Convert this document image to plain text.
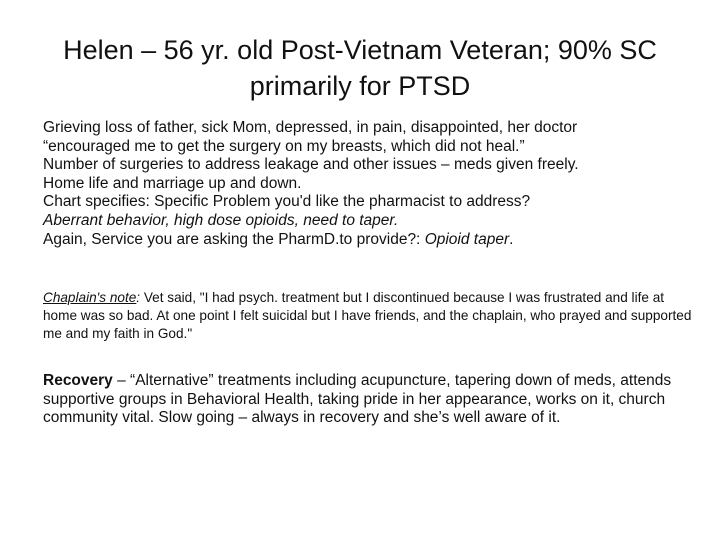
Helen – 56 yr. old Post-Vietnam Veteran; 90% SC
primarily for PTSD

Grieving loss of father, sick Mom, depressed, in pain, disappointed, her doctor

“encouraged me to get the surgery on my breasts, which did not heal.”

Number of surgeries to address leakage and other issues – meds given freely.

Home life and marriage up and down.

Chart specifies: Specific Problem you'd like the pharmacist to address?

Aberrant behavior, high dose opioids, need to taper.

Again, Service you are asking the PharmD.to provide?: Opioid taper.

Chaplain's note: Vet said, "I had psych. treatment but I discontinued because I was frustrated and life at home was so bad. At one point I felt suicidal but I have friends, and the chaplain, who prayed and supported me and my faith in God."

Recovery – “Alternative” treatments including acupuncture, tapering down of meds, attends supportive groups in Behavioral Health, taking pride in her appearance, works on it, church community vital. Slow going – always in recovery and she’s well aware of it.
